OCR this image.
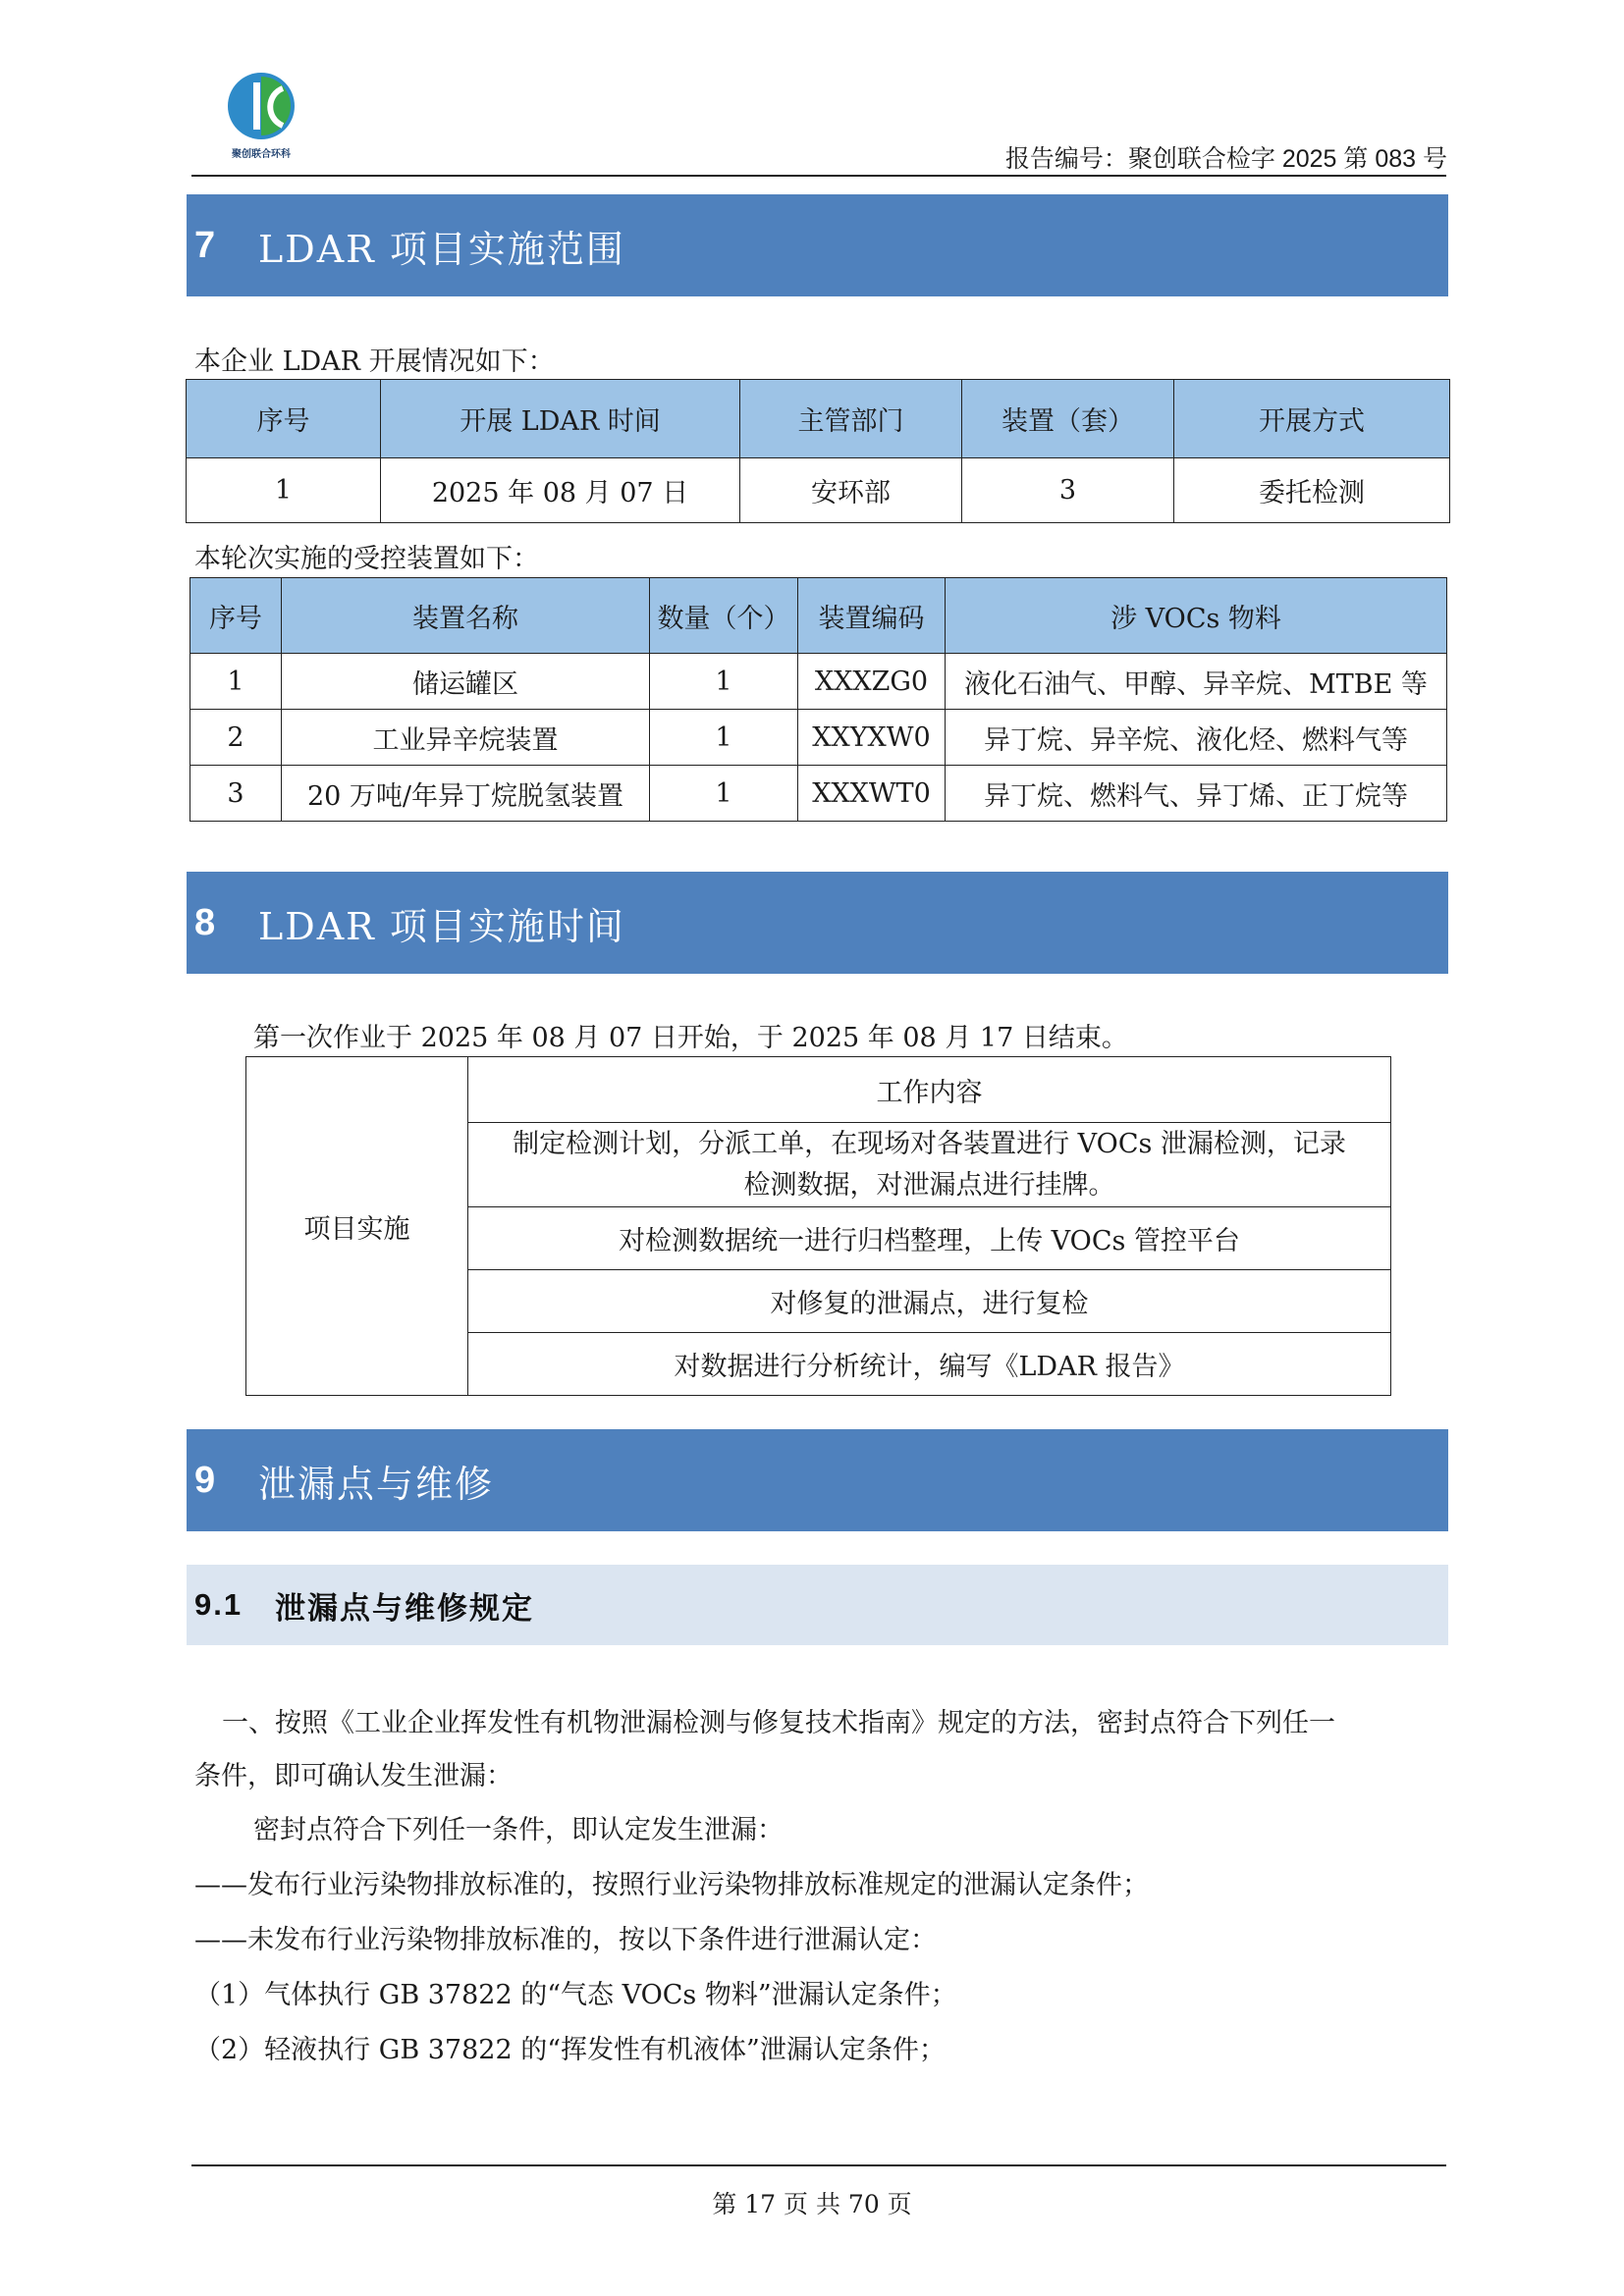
聚创联合环科	报告编号：聚创联合检字 2025 第 083 号
7	LDAR 项目实施范围
本企业 LDAR 开展情况如下：
序号	开展 LDAR 时间	主管部门	装置（套）	开展方式
1	2025 年 08 月 07 日	安环部	3	委托检测
本轮次实施的受控装置如下：
序号	装置名称	数量（个）	装置编码	涉 VOCs 物料
1	储运罐区	1	XXXZG0	液化石油气、甲醇、异辛烷、MTBE 等
2	工业异辛烷装置	1	XXYXW0	异丁烷、异辛烷、液化烃、燃料气等
3	20 万吨/年异丁烷脱氢装置	1	XXXWT0	异丁烷、燃料气、异丁烯、正丁烷等
8	LDAR 项目实施时间
第一次作业于 2025 年 08 月 07 日开始，于 2025 年 08 月 17 日结束。
项目实施	工作内容

制定检测计划，分派工单，在现场对各装置进行 VOCs 泄漏检测，记录
检测数据，对泄漏点进行挂牌。

对检测数据统一进行归档整理，上传 VOCs 管控平台
对修复的泄漏点，进行复检
对数据进行分析统计，编写《LDAR 报告》
9	泄漏点与维修
9.1	泄漏点与维修规定
一、按照《工业企业挥发性有机物泄漏检测与修复技术指南》规定的方法，密封点符合下列任一
条件，即可确认发生泄漏：
密封点符合下列任一条件，即认定发生泄漏：
——发布行业污染物排放标准的，按照行业污染物排放标准规定的泄漏认定条件；
——未发布行业污染物排放标准的，按以下条件进行泄漏认定：
（1）气体执行 GB 37822 的“气态 VOCs 物料”泄漏认定条件；
（2）轻液执行 GB 37822 的“挥发性有机液体”泄漏认定条件；
第 17 页 共 70 页
